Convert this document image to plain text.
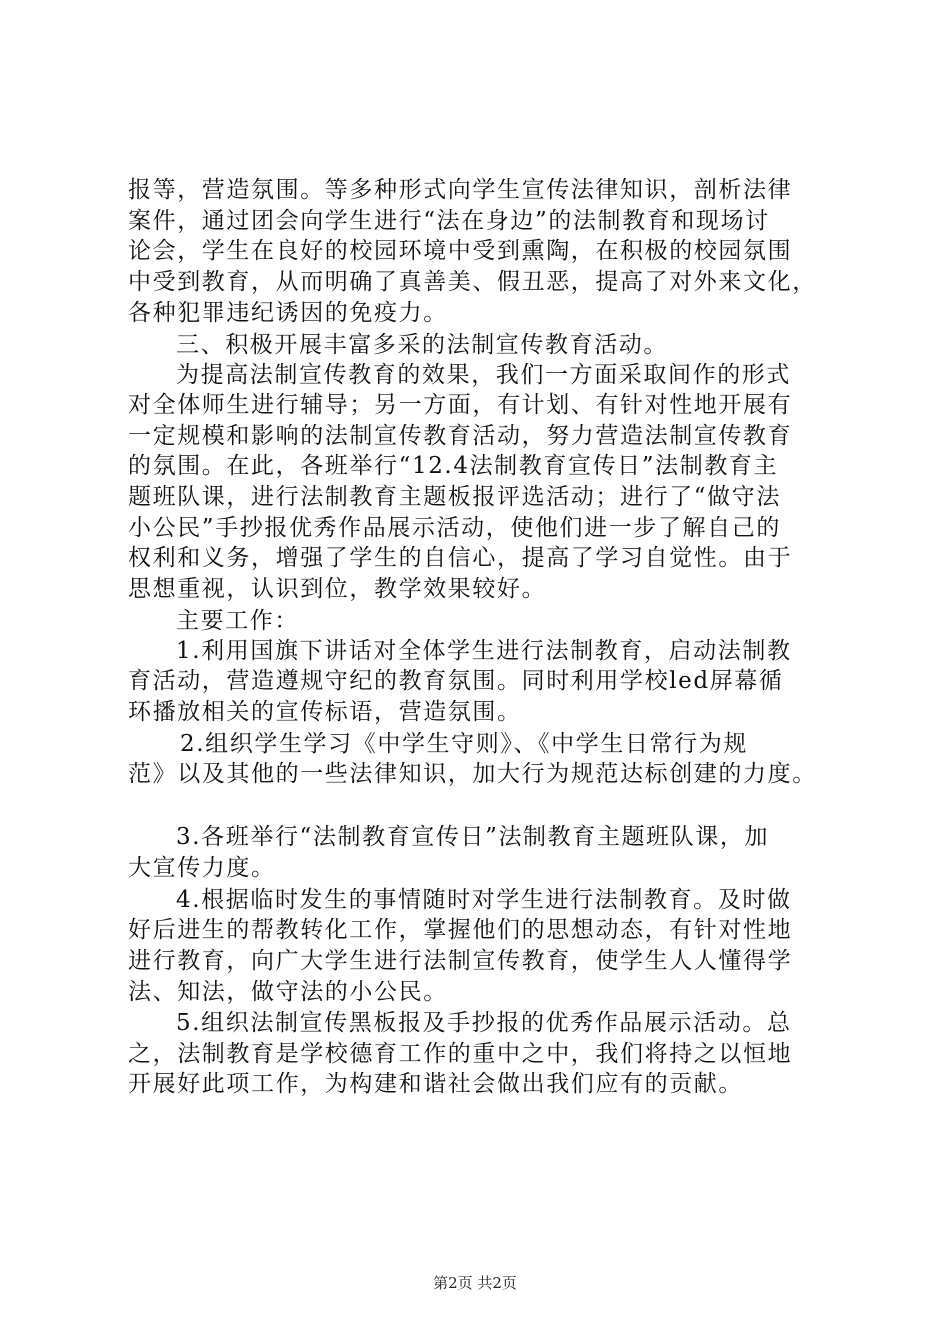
报等，营造氛围。等多种形式向学生宣传法律知识，剖析法律
案件，通过团会向学生进行“法在身边”的法制教育和现场讨
论会，学生在良好的校园环境中受到熏陶，在积极的校园氛围
中受到教育，从而明确了真善美、假丑恶，提高了对外来文化，
各种犯罪违纪诱因的免疫力。
三、积极开展丰富多采的法制宣传教育活动。
为提高法制宣传教育的效果，我们一方面采取间作的形式
对全体师生进行辅导；另一方面，有计划、有针对性地开展有
一定规模和影响的法制宣传教育活动，努力营造法制宣传教育
的氛围。在此，各班举行“12.4法制教育宣传日”法制教育主
题班队课，进行法制教育主题板报评选活动；进行了“做守法
小公民”手抄报优秀作品展示活动，使他们进一步了解自己的
权利和义务，增强了学生的自信心，提高了学习自觉性。由于
思想重视，认识到位，教学效果较好。
主要工作：
1.利用国旗下讲话对全体学生进行法制教育，启动法制教
育活动，营造遵规守纪的教育氛围。同时利用学校led屏幕循
环播放相关的宣传标语，营造氛围。
2.组织学生学习《中学生守则》、《中学生日常行为规
范》以及其他的一些法律知识，加大行为规范达标创建的力度。
3.各班举行“法制教育宣传日”法制教育主题班队课，加
大宣传力度。
4.根据临时发生的事情随时对学生进行法制教育。及时做
好后进生的帮教转化工作，掌握他们的思想动态，有针对性地
进行教育，向广大学生进行法制宣传教育，使学生人人懂得学
法、知法，做守法的小公民。
5.组织法制宣传黑板报及手抄报的优秀作品展示活动。总
之，法制教育是学校德育工作的重中之中，我们将持之以恒地
开展好此项工作，为构建和谐社会做出我们应有的贡献。
第2页 共2页
